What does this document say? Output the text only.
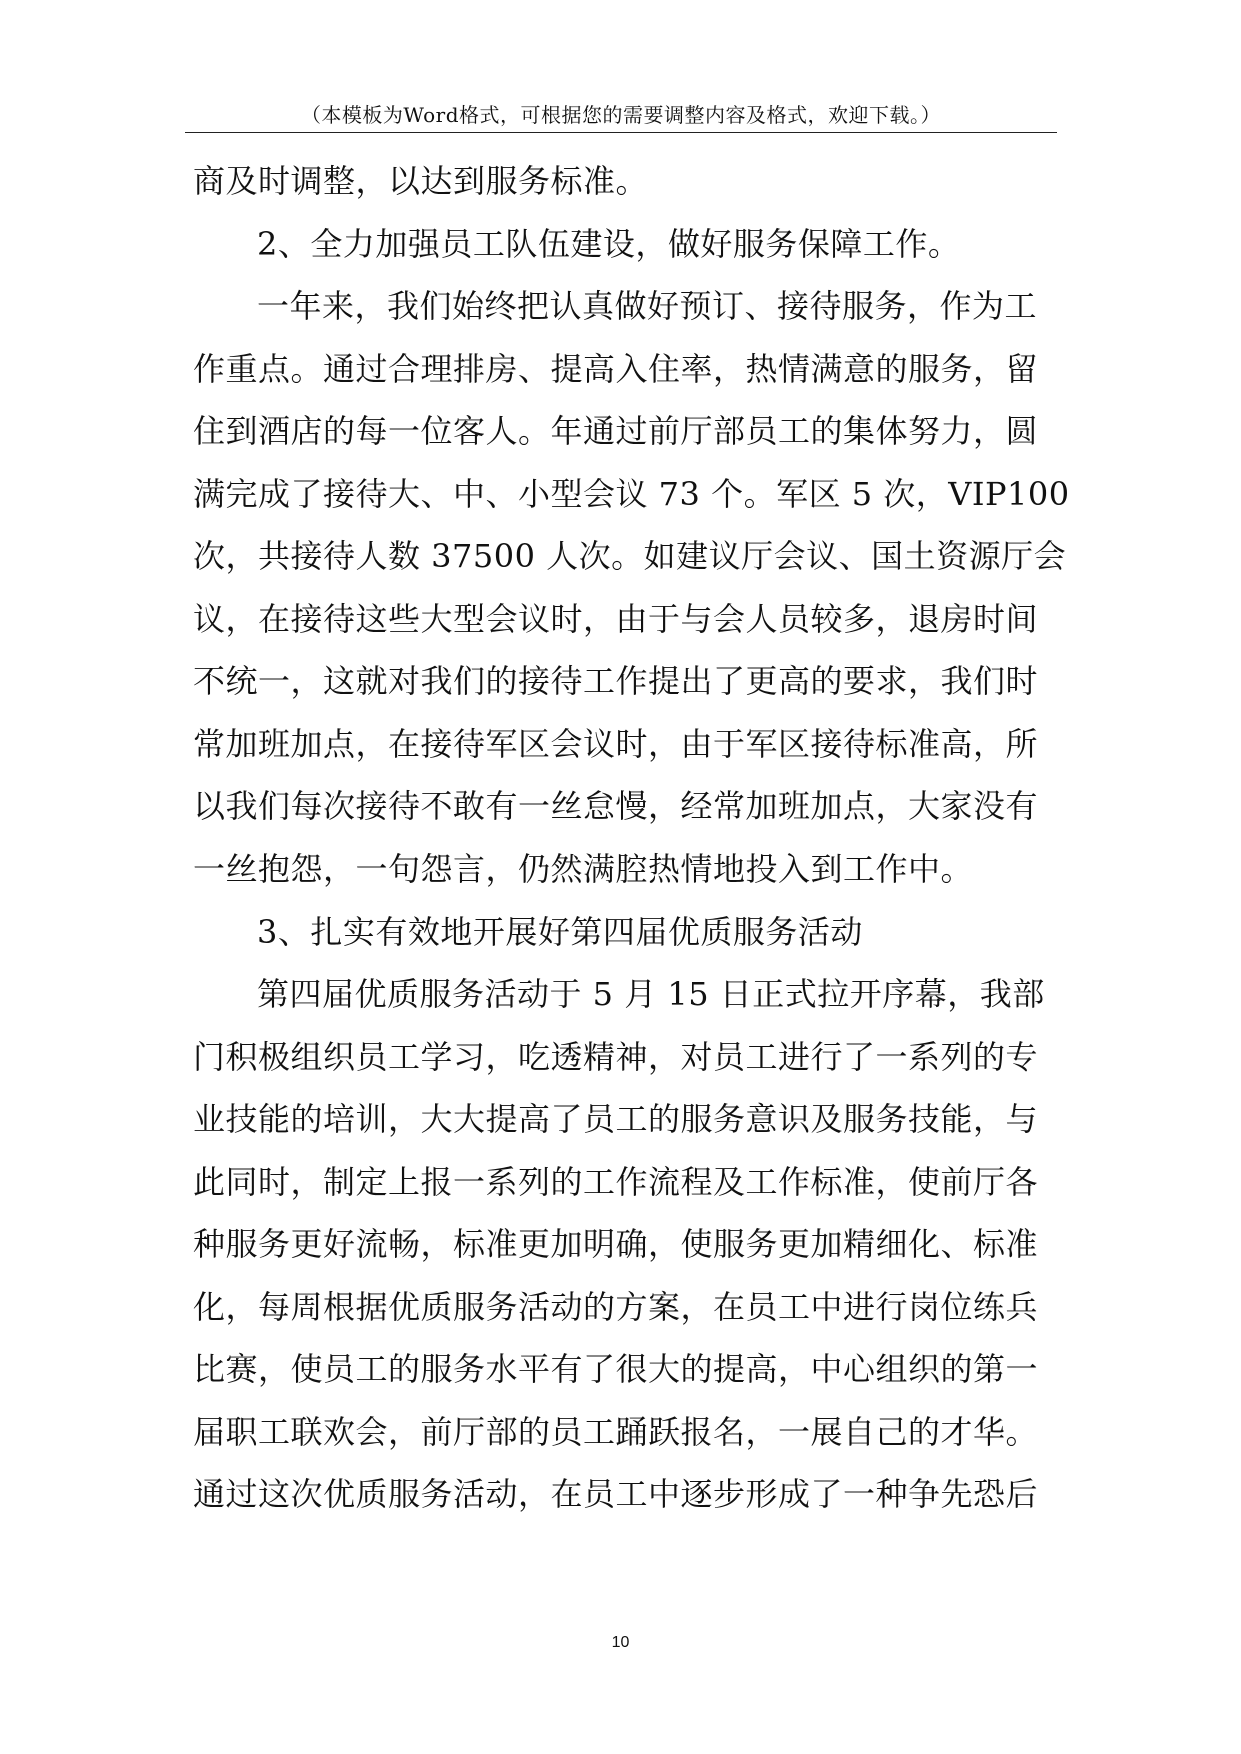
（本模板为Word格式，可根据您的需要调整内容及格式，欢迎下载。）
商及时调整，以达到服务标准。
2、全力加强员工队伍建设，做好服务保障工作。
一年来，我们始终把认真做好预订、接待服务，作为工
作重点。通过合理排房、提高入住率，热情满意的服务，留
住到酒店的每一位客人。年通过前厅部员工的集体努力，圆
满完成了接待大、中、小型会议 73 个。军区 5 次，VIP100
次，共接待人数 37500 人次。如建议厅会议、国土资源厅会
议，在接待这些大型会议时，由于与会人员较多，退房时间
不统一，这就对我们的接待工作提出了更高的要求，我们时
常加班加点，在接待军区会议时，由于军区接待标准高，所
以我们每次接待不敢有一丝怠慢，经常加班加点，大家没有
一丝抱怨，一句怨言，仍然满腔热情地投入到工作中。
3、扎实有效地开展好第四届优质服务活动
第四届优质服务活动于 5 月 15 日正式拉开序幕，我部
门积极组织员工学习，吃透精神，对员工进行了一系列的专
业技能的培训，大大提高了员工的服务意识及服务技能，与
此同时，制定上报一系列的工作流程及工作标准，使前厅各
种服务更好流畅，标准更加明确，使服务更加精细化、标准
化，每周根据优质服务活动的方案，在员工中进行岗位练兵
比赛，使员工的服务水平有了很大的提高，中心组织的第一
届职工联欢会，前厅部的员工踊跃报名，一展自己的才华。
通过这次优质服务活动，在员工中逐步形成了一种争先恐后
10
